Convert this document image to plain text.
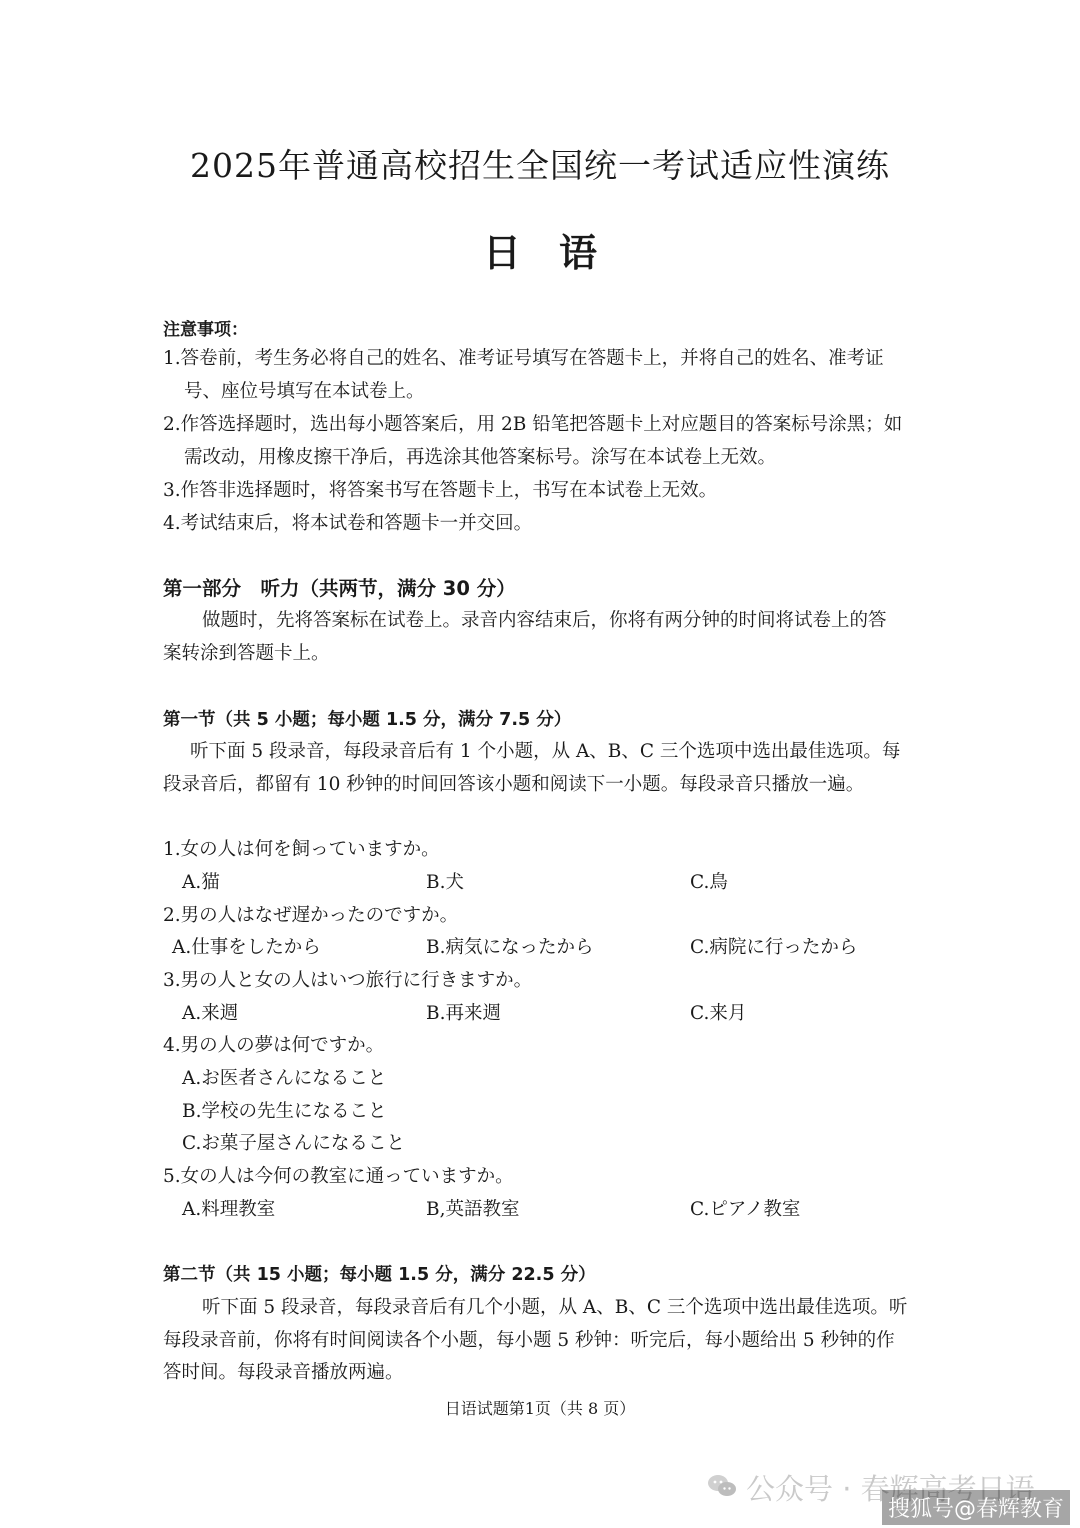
2025年普通高校招生全国统一考试适应性演练
日　语
注意事项：
1.答卷前，考生务必将自己的姓名、准考证号填写在答题卡上，并将自己的姓名、准考证
号、座位号填写在本试卷上。
2.作答选择题时，选出每小题答案后，用 2B 铅笔把答题卡上对应题目的答案标号涂黑；如
需改动，用橡皮擦干净后，再选涂其他答案标号。涂写在本试卷上无效。
3.作答非选择题时，将答案书写在答题卡上，书写在本试卷上无效。
4.考试结束后，将本试卷和答题卡一并交回。
第一部分　听力（共两节，满分 30 分）
做题时，先将答案标在试卷上。录音内容结束后，你将有两分钟的时间将试卷上的答
案转涂到答题卡上。
第一节（共 5 小题；每小题 1.5 分，满分 7.5 分）
听下面 5 段录音，每段录音后有 1 个小题，从 A、B、C 三个选项中选出最佳选项。每
段录音后，都留有 10 秒钟的时间回答该小题和阅读下一小题。每段录音只播放一遍。
1.女の人は何を飼っていますか。
A.猫	B.犬	C.鳥
2.男の人はなぜ遅かったのですか。
A.仕事をしたから	B.病気になったから	C.病院に行ったから
3.男の人と女の人はいつ旅行に行きますか。
A.来週	B.再来週	C.来月
4.男の人の夢は何ですか。
A.お医者さんになること
B.学校の先生になること
C.お菓子屋さんになること
5.女の人は今何の教室に通っていますか。
A.料理教室	B,英語教室	C.ピアノ教室
第二节（共 15 小题；每小题 1.5 分，满分 22.5 分）
听下面 5 段录音，每段录音后有几个小题，从 A、B、C 三个选项中选出最佳选项。听
每段录音前，你将有时间阅读各个小题，每小题 5 秒钟：听完后，每小题给出 5 秒钟的作
答时间。每段录音播放两遍。
日语试题第1页（共 8 页）
公众号 · 春辉高考日语
搜狐号@春辉教育
